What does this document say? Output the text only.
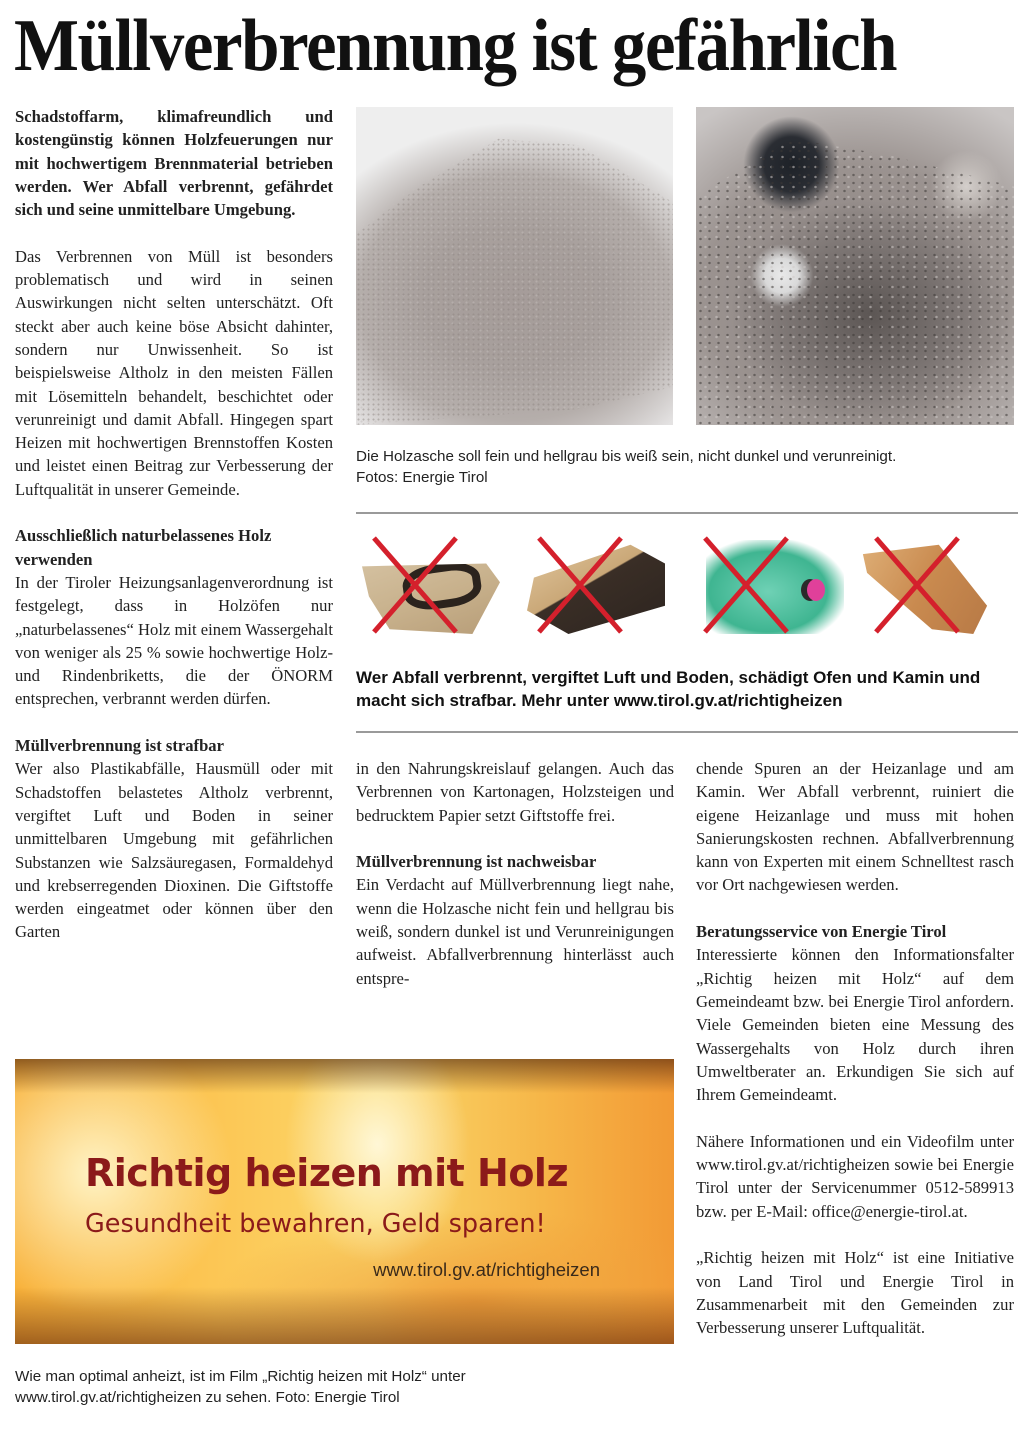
Müllverbrennung ist gefährlich

Schadstoffarm, klimafreundlich und kostengünstig können Holzfeuerungen nur mit hochwertigem Brennmaterial betrieben werden. Wer Abfall verbrennt, gefährdet sich und seine unmittelbare Umgebung.

Das Verbrennen von Müll ist besonders problematisch und wird in seinen Auswirkungen nicht selten unterschätzt. Oft steckt aber auch keine böse Absicht dahinter, sondern nur Unwissenheit. So ist beispielsweise Altholz in den meisten Fällen mit Lösemitteln behandelt, beschichtet oder verunreinigt und damit Abfall. Hingegen spart Heizen mit hochwertigen Brennstoffen Kosten und leistet einen Beitrag zur Verbesserung der Luftqualität in unserer Gemeinde.

Ausschließlich naturbelassenes Holz verwenden

In der Tiroler Heizungsanlagenverordnung ist festgelegt, dass in Holzöfen nur „naturbelassenes“ Holz mit einem Wassergehalt von weniger als 25 % sowie hochwertige Holz- und Rindenbriketts, die der ÖNORM entsprechen, verbrannt werden dürfen.

Müllverbrennung ist strafbar

Wer also Plastikabfälle, Hausmüll oder mit Schadstoffen belastetes Altholz verbrennt, vergiftet Luft und Boden in seiner unmittelbaren Umgebung mit gefährlichen Substanzen wie Salzsäuregasen, Formaldehyd und krebserregenden Dioxinen. Die Giftstoffe werden eingeatmet oder können über den Garten

Die Holzasche soll fein und hellgrau bis weiß sein, nicht dunkel und verunreinigt.
Fotos: Energie Tirol
Wer Abfall verbrennt, vergiftet Luft und Boden, schädigt Ofen und Kamin und macht sich strafbar. Mehr unter www.tirol.gv.at/richtigheizen

in den Nahrungskreislauf gelangen. Auch das Verbrennen von Kartonagen, Holzsteigen und bedrucktem Papier setzt Giftstoffe frei.

Müllverbrennung ist nachweisbar

Ein Verdacht auf Müllverbrennung liegt nahe, wenn die Holzasche nicht fein und hellgrau bis weiß, sondern dunkel ist und Verunreinigungen aufweist. Abfallverbrennung hinterlässt auch entspre-

chende Spuren an der Heizanlage und am Kamin. Wer Abfall verbrennt, ruiniert die eigene Heizanlage und muss mit hohen Sanierungskosten rechnen. Abfallverbrennung kann von Experten mit einem Schnelltest rasch vor Ort nachgewiesen werden.

Beratungsservice von Energie Tirol

Interessierte können den Informationsfalter „Richtig heizen mit Holz“ auf dem Gemeindeamt bzw. bei Energie Tirol anfordern. Viele Gemeinden bieten eine Messung des Wassergehalts von Holz durch ihren Umweltberater an. Erkundigen Sie sich auf Ihrem Gemeindeamt.

Nähere Informationen und ein Videofilm unter www.tirol.gv.at/richtigheizen sowie bei Energie Tirol unter der Servicenummer 0512-589913 bzw. per E-Mail: office@energie-tirol.at.

„Richtig heizen mit Holz“ ist eine Initiative von Land Tirol und Energie Tirol in Zusammenarbeit mit den Gemeinden zur Verbesserung unserer Luftqualität.

Richtig heizen mit Holz
Gesundheit bewahren, Geld sparen!
www.tirol.gv.at/richtigheizen
Wie man optimal anheizt, ist im Film „Richtig heizen mit Holz“ unter
www.tirol.gv.at/richtigheizen zu sehen. Foto: Energie Tirol
